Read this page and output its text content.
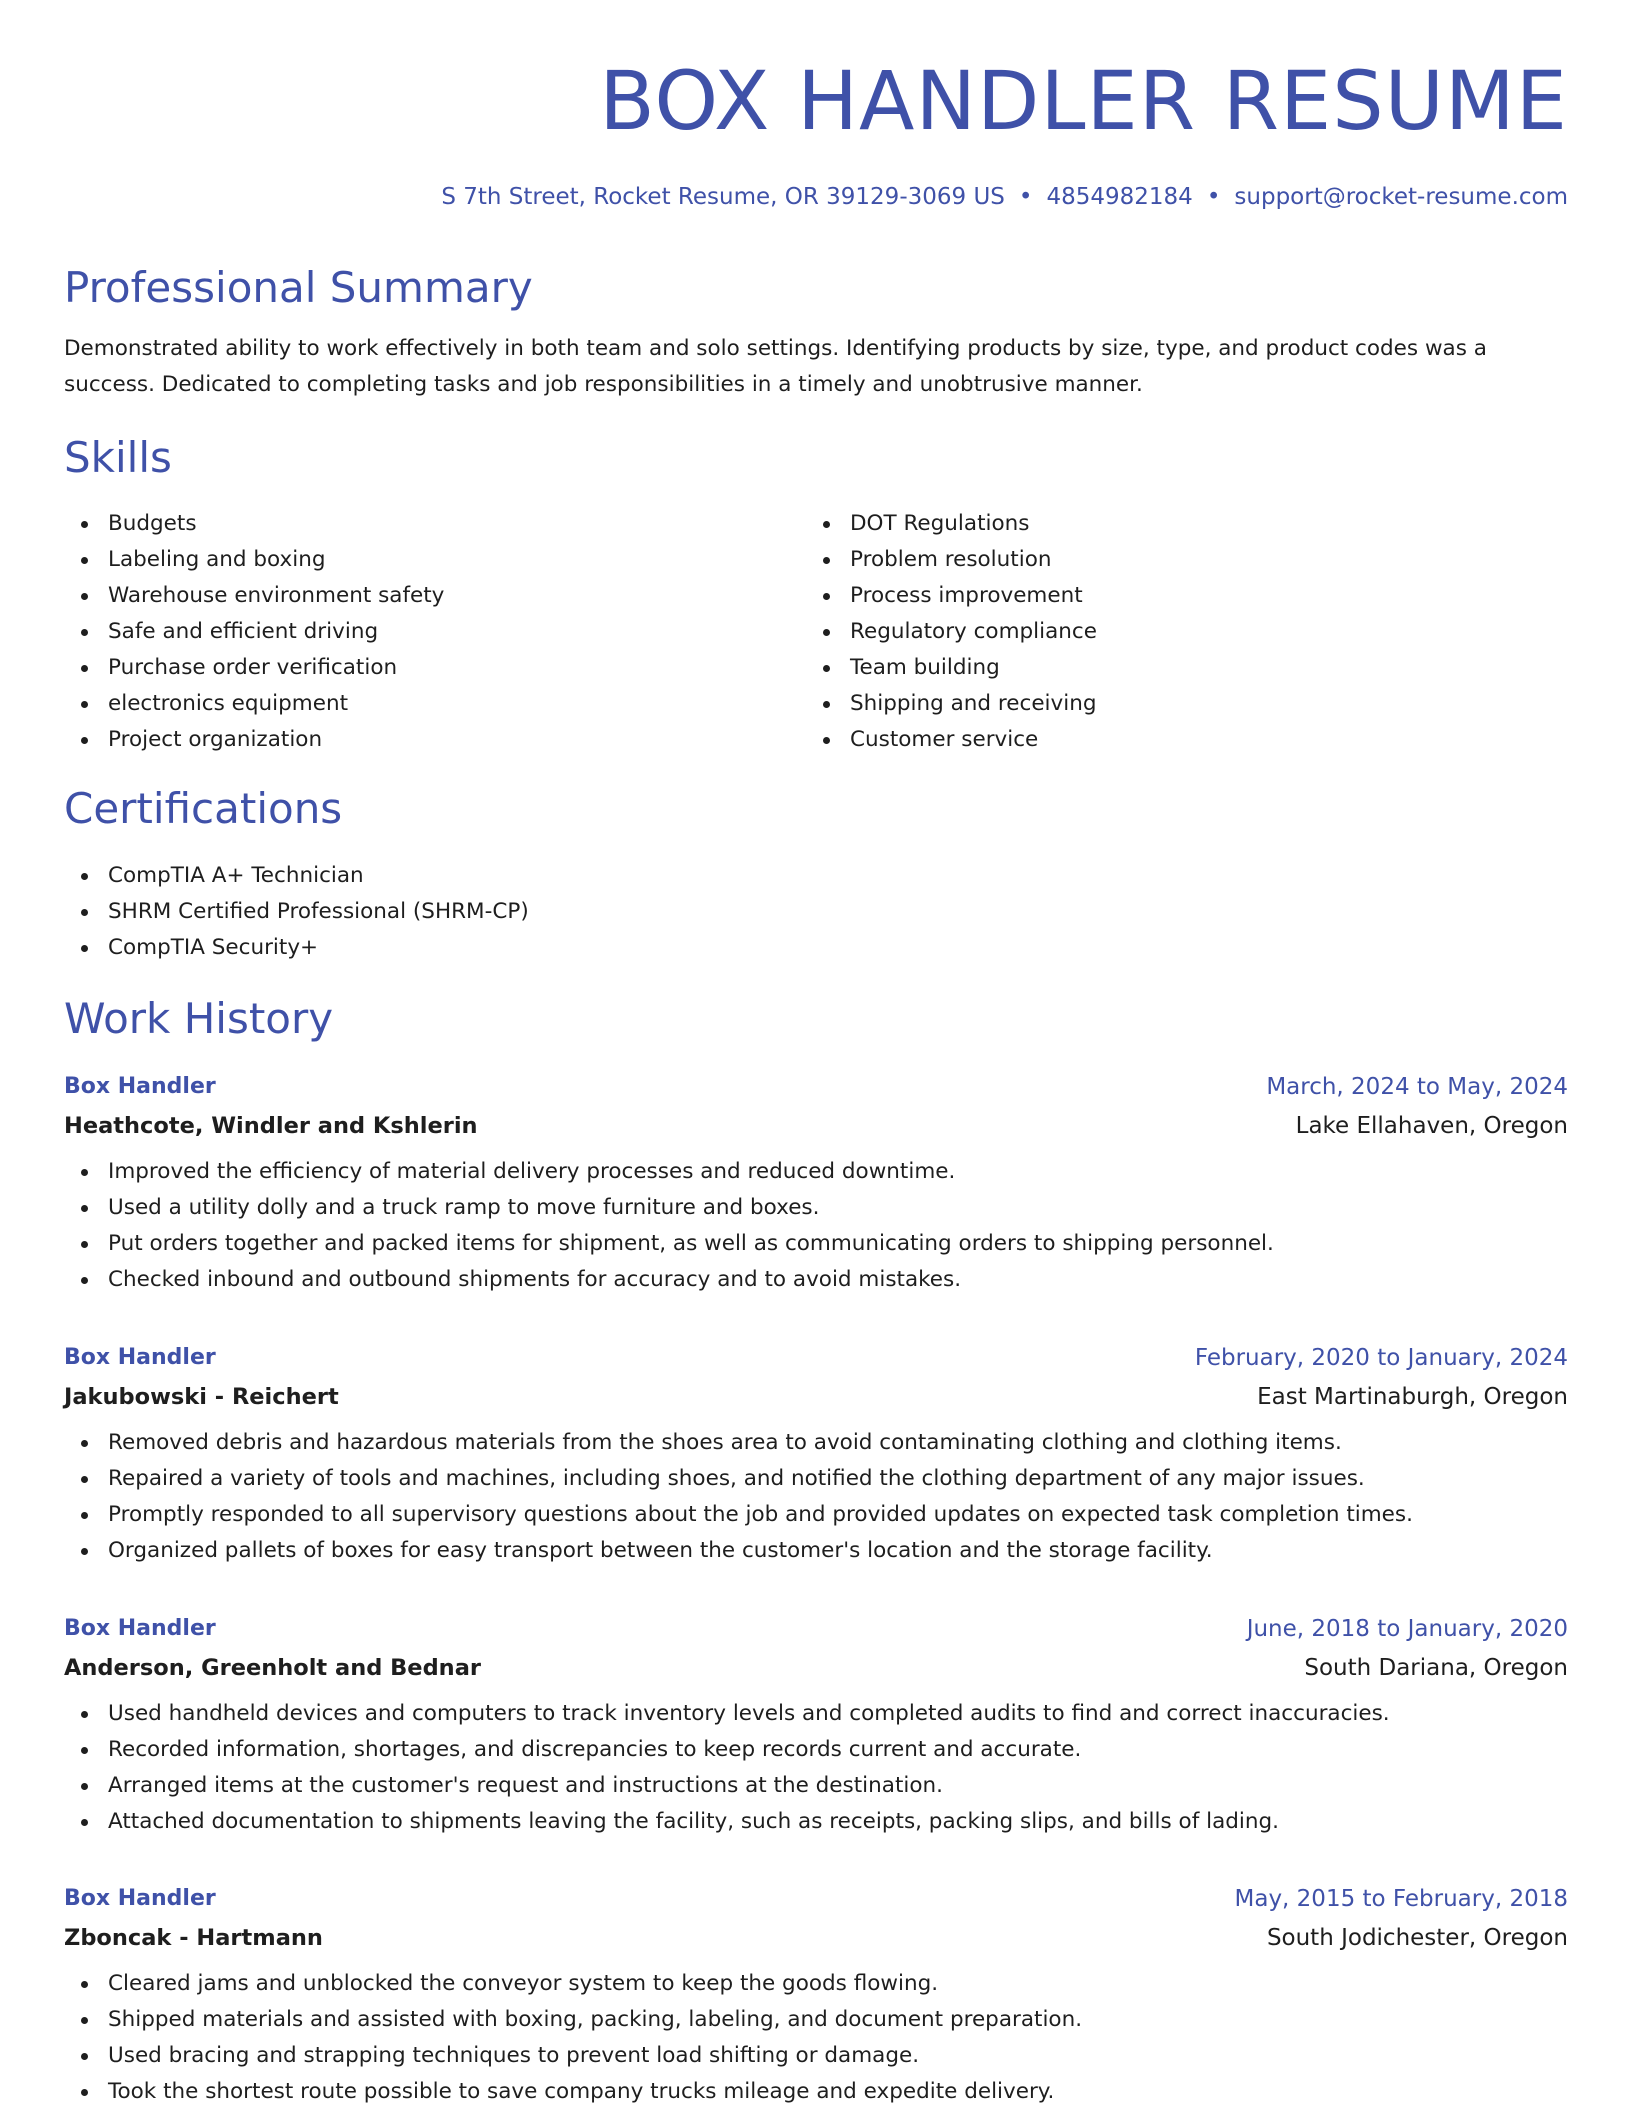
BOX HANDLER RESUME
S 7th Street, Rocket Resume, OR 39129-3069 US • 4854982184 • support@rocket-resume.com
Professional Summary

Demonstrated ability to work effectively in both team and solo settings. Identifying products by size, type, and product codes was a success. Dedicated to completing tasks and job responsibilities in a timely and unobtrusive manner.

Skills
Budgets
Labeling and boxing
Warehouse environment safety
Safe and efficient driving
Purchase order verification
electronics equipment
Project organization
DOT Regulations
Problem resolution
Process improvement
Regulatory compliance
Team building
Shipping and receiving
Customer service
Certifications
CompTIA A+ Technician
SHRM Certified Professional (SHRM-CP)
CompTIA Security+
Work History
Box Handler	March, 2024 to May, 2024
Heathcote, Windler and Kshlerin	Lake Ellahaven, Oregon
Improved the efficiency of material delivery processes and reduced downtime.
Used a utility dolly and a truck ramp to move furniture and boxes.
Put orders together and packed items for shipment, as well as communicating orders to shipping personnel.
Checked inbound and outbound shipments for accuracy and to avoid mistakes.
Box Handler	February, 2020 to January, 2024
Jakubowski - Reichert	East Martinaburgh, Oregon
Removed debris and hazardous materials from the shoes area to avoid contaminating clothing and clothing items.
Repaired a variety of tools and machines, including shoes, and notified the clothing department of any major issues.
Promptly responded to all supervisory questions about the job and provided updates on expected task completion times.
Organized pallets of boxes for easy transport between the customer's location and the storage facility.
Box Handler	June, 2018 to January, 2020
Anderson, Greenholt and Bednar	South Dariana, Oregon
Used handheld devices and computers to track inventory levels and completed audits to find and correct inaccuracies.
Recorded information, shortages, and discrepancies to keep records current and accurate.
Arranged items at the customer's request and instructions at the destination.
Attached documentation to shipments leaving the facility, such as receipts, packing slips, and bills of lading.
Box Handler	May, 2015 to February, 2018
Zboncak - Hartmann	South Jodichester, Oregon
Cleared jams and unblocked the conveyor system to keep the goods flowing.
Shipped materials and assisted with boxing, packing, labeling, and document preparation.
Used bracing and strapping techniques to prevent load shifting or damage.
Took the shortest route possible to save company trucks mileage and expedite delivery.
